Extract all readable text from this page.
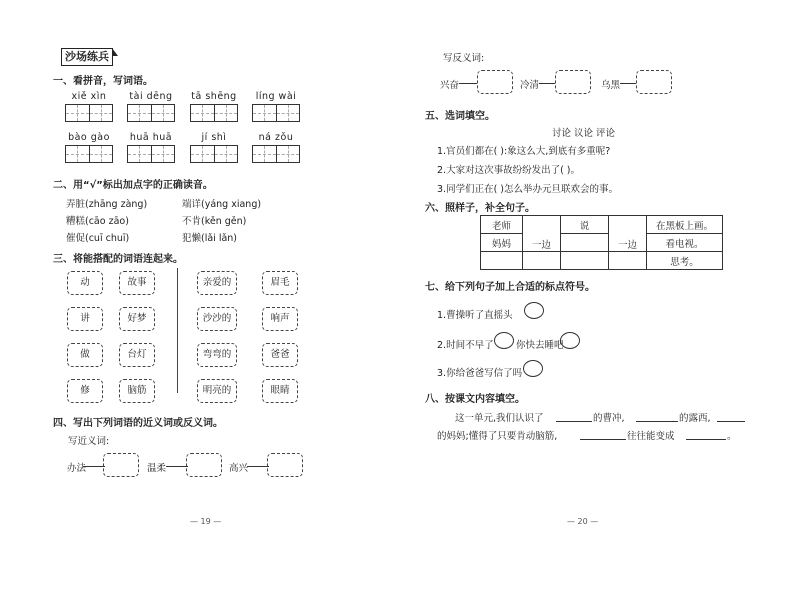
沙场练兵
一、看拼音，写词语。
xiě xìn	tài dēng	tā shēng	líng wài
bào gào	huā huā	jí shì	ná zǒu
二、用“√”标出加点字的正确读音。
弄脏(zhāng zàng)	端详(yáng xiang)
糟糕(cāo zāo)	不肯(kěn gěn)
催促(cuī chuī)	犯懒(lǎi lǎn)
三、将能搭配的词语连起来。
动
讲
做
修
故事
好梦
台灯
脑筋
亲爱的
沙沙的
弯弯的
明亮的
眉毛
响声
爸爸
眼睛
四、写出下列词语的近义词或反义词。
写近义词:
办法	温柔	高兴
— 19 —
写反义词:
兴奋	冷清	乌黑
五、选词填空。
讨论 议论 评论
1.官员们都在( ):象这么大,到底有多重呢?
2.大家对这次事故纷纷发出了( )。
3.同学们正在( )怎么举办元旦联欢会的事。
六、照样子，补全句子。
老师	一边	说	一边	在黑板上画。
妈妈				看电视。
				思考。
七、给下列句子加上合适的标点符号。
1.曹操听了直摇头
2.时间不早了 你快去睡吧
3.你给爸爸写信了吗
八、按课文内容填空。
这一单元,我们认识了	的曹冲,	的露西,
的妈妈;懂得了只要肯动脑筋,	往往能变成	。
— 20 —
